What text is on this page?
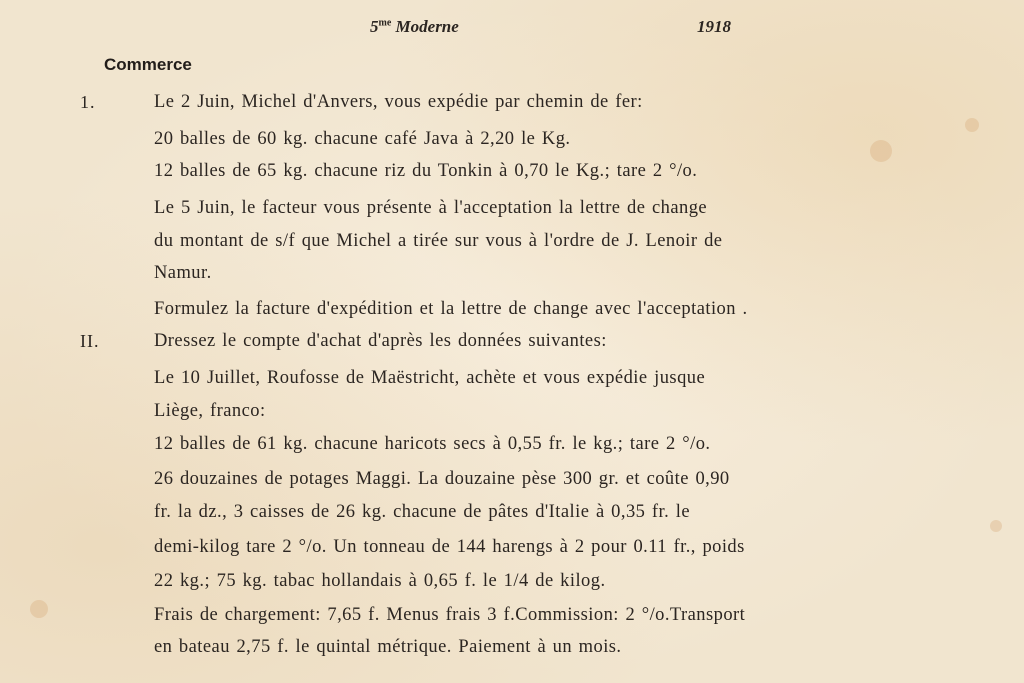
$5^{me}$ Moderne	1918
Commerce
1.	Le 2 Juin, Michel d'Anvers, vous expédie par chemin de fer:
20 balles de 60 kg. chacune café Java à 2,20 le Kg.
12 balles de 65 kg. chacune riz du Tonkin à 0,70 le Kg.; tare 2 °/o.
Le 5 Juin, le facteur vous présente à l'acceptation la lettre de change
du montant de s/f que Michel a tirée sur vous à l'ordre de J. Lenoir de
Namur.
Formulez la facture d'expédition et la lettre de change avec l'acceptation .
II.	Dressez le compte d'achat d'après les données suivantes:
Le 10 Juillet, Roufosse de Maëstricht, achète et vous expédie jusque
Liège, franco:
12 balles de 61 kg. chacune haricots secs à 0,55 fr. le kg.; tare 2 °/o.
26 douzaines de potages Maggi. La douzaine pèse 300 gr. et coûte 0,90
fr. la dz., 3 caisses de 26 kg. chacune de pâtes d'Italie à 0,35 fr. le
demi-kilog tare 2 °/o. Un tonneau de 144 harengs à 2 pour 0.11 fr., poids
22 kg.; 75 kg. tabac hollandais à 0,65 f. le 1/4 de kilog.
Frais de chargement: 7,65 f. Menus frais 3 f.Commission: 2 °/o.Transport
en bateau 2,75 f. le quintal métrique. Paiement à un mois.
